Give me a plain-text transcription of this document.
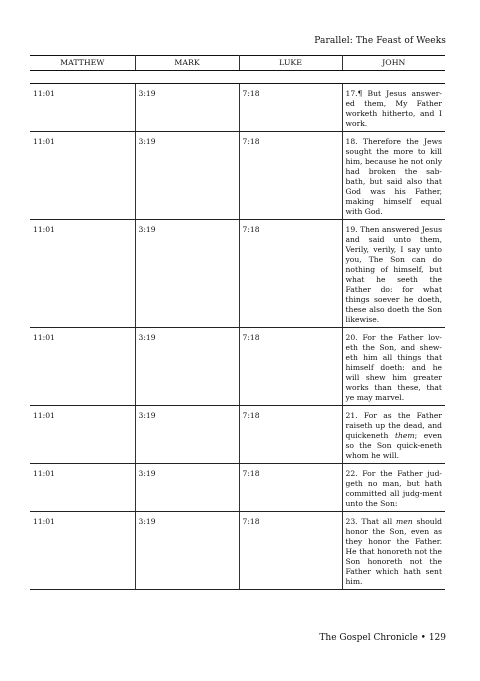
Parallel: The Feast of Weeks
MATTHEW	MARK	LUKE	JOHN

11:01	3:19	7:18	17.¶ But Jesus answer-ed them, My Father worketh hitherto, and I work.
11:01	3:19	7:18	18. Therefore the Jews sought the more to kill him, because he not only had broken the sab-bath, but said also that God was his Father, making himself equal with God.
11:01	3:19	7:18	19. Then answered Jesus and said unto them, Verily, verily, I say unto you, The Son can do nothing of himself, but what he seeth the Father do: for what things soever he doeth, these also doeth the Son likewise.
11:01	3:19	7:18	20. For the Father lov-eth the Son, and shew-eth him all things that himself doeth: and he will shew him greater works than these, that ye may marvel.
11:01	3:19	7:18	21. For as the Father raiseth up the dead, and quickeneth them; even so the Son quick-eneth whom he will.
11:01	3:19	7:18	22. For the Father jud-geth no man, but hath committed all judg-ment unto the Son:
11:01	3:19	7:18	23. That all men should honor the Son, even as they honor the Father. He that honoreth not the Son honoreth not the Father which hath sent him.
The Gospel Chronicle • 129
